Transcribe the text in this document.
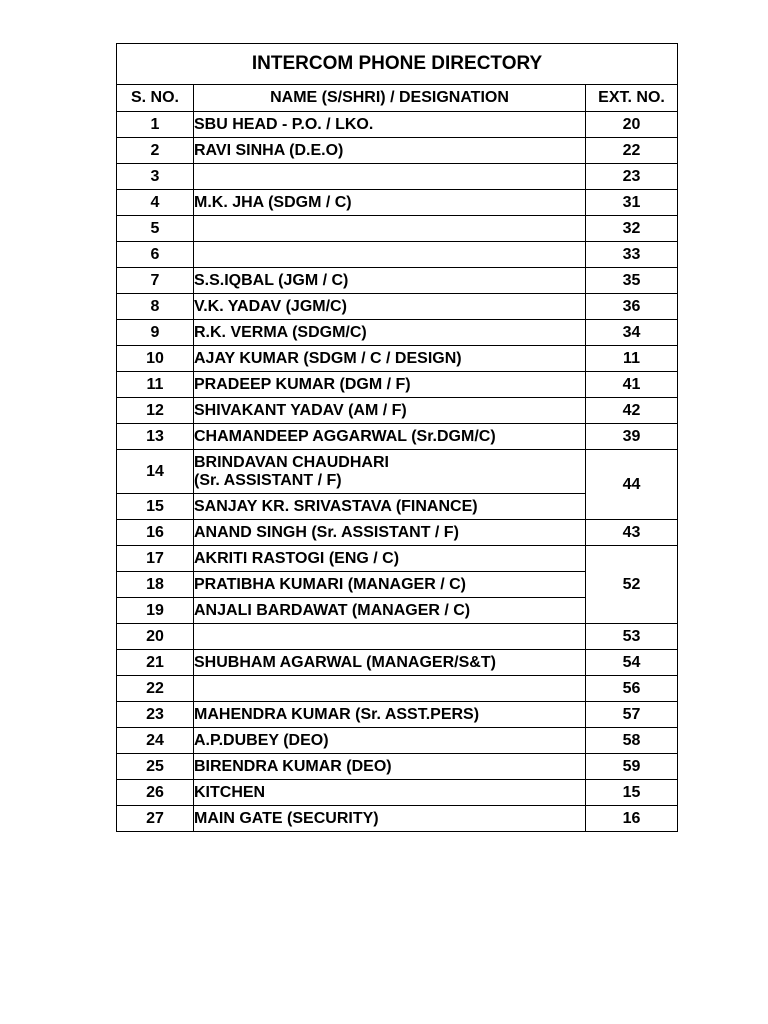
INTERCOM PHONE DIRECTORY		
S. NO.	NAME (S/SHRI) / DESIGNATION	EXT. NO.
1	SBU HEAD - P.O. / LKO.	20
2	RAVI SINHA (D.E.O)	22
3		23
4	M.K. JHA (SDGM / C)	31
5		32
6		33
7	S.S.IQBAL (JGM / C)	35
8	V.K. YADAV (JGM/C)	36
9	R.K. VERMA (SDGM/C)	34
10	AJAY KUMAR (SDGM / C / DESIGN)	11
11	PRADEEP KUMAR (DGM / F)	41
12	SHIVAKANT YADAV (AM / F)	42
13	CHAMANDEEP AGGARWAL (Sr.DGM/C)	39
14	BRINDAVAN CHAUDHARI
(Sr. ASSISTANT / F)	44
15	SANJAY KR. SRIVASTAVA (FINANCE)	
16	ANAND SINGH (Sr. ASSISTANT / F)	43
17	AKRITI RASTOGI (ENG / C)	52
18	PRATIBHA KUMARI (MANAGER / C)	
19	ANJALI BARDAWAT (MANAGER / C)	
20		53
21	SHUBHAM AGARWAL (MANAGER/S&T)	54
22		56
23	MAHENDRA KUMAR (Sr. ASST.PERS)	57
24	A.P.DUBEY (DEO)	58
25	BIRENDRA KUMAR (DEO)	59
26	KITCHEN	15
27	MAIN GATE (SECURITY)	16
